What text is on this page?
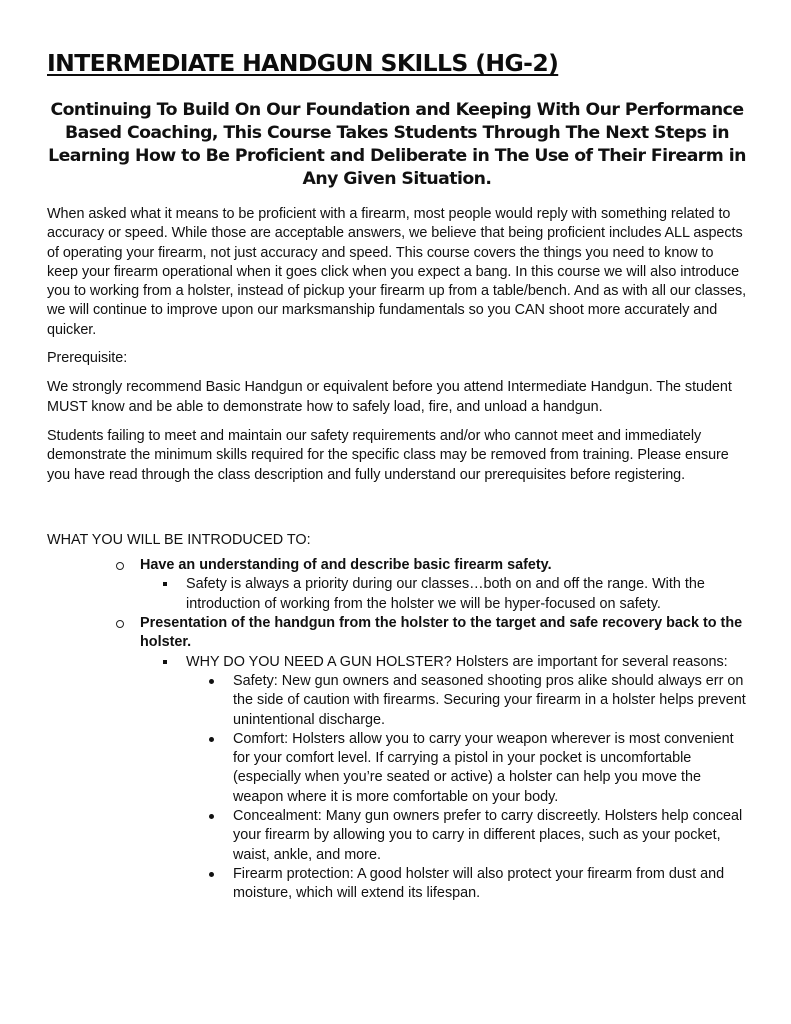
INTERMEDIATE HANDGUN SKILLS (HG-2)
Continuing To Build On Our Foundation and Keeping With Our Performance Based Coaching, This Course Takes Students Through The Next Steps in Learning How to Be Proficient and Deliberate in The Use of Their Firearm in Any Given Situation.

When asked what it means to be proficient with a firearm, most people would reply with something related to accuracy or speed. While those are acceptable answers, we believe that being proficient includes ALL aspects of operating your firearm, not just accuracy and speed. This course covers the things you need to know to keep your firearm operational when it goes click when you expect a bang. In this course we will also introduce you to working from a holster, instead of pickup your firearm up from a table/bench. And as with all our classes, we will continue to improve upon our marksmanship fundamentals so you CAN shoot more accurately and quicker.

Prerequisite:

We strongly recommend Basic Handgun or equivalent before you attend Intermediate Handgun. The student MUST know and be able to demonstrate how to safely load, fire, and unload a handgun.

Students failing to meet and maintain our safety requirements and/or who cannot meet and immediately demonstrate the minimum skills required for the specific class may be removed from training. Please ensure you have read through the class description and fully understand our prerequisites before registering.

WHAT YOU WILL BE INTRODUCED TO:
Have an understanding of and describe basic firearm safety.
Safety is always a priority during our classes…both on and off the range. With the introduction of working from the holster we will be hyper-focused on safety.
Presentation of the handgun from the holster to the target and safe recovery back to the holster.
WHY DO YOU NEED A GUN HOLSTER? Holsters are important for several reasons:
Safety: New gun owners and seasoned shooting pros alike should always err on the side of caution with firearms. Securing your firearm in a holster helps prevent unintentional discharge.
Comfort: Holsters allow you to carry your weapon wherever is most convenient for your comfort level. If carrying a pistol in your pocket is uncomfortable (especially when you’re seated or active) a holster can help you move the weapon where it is more comfortable on your body.
Concealment: Many gun owners prefer to carry discreetly. Holsters help conceal your firearm by allowing you to carry in different places, such as your pocket, waist, ankle, and more.
Firearm protection: A good holster will also protect your firearm from dust and moisture, which will extend its lifespan.
